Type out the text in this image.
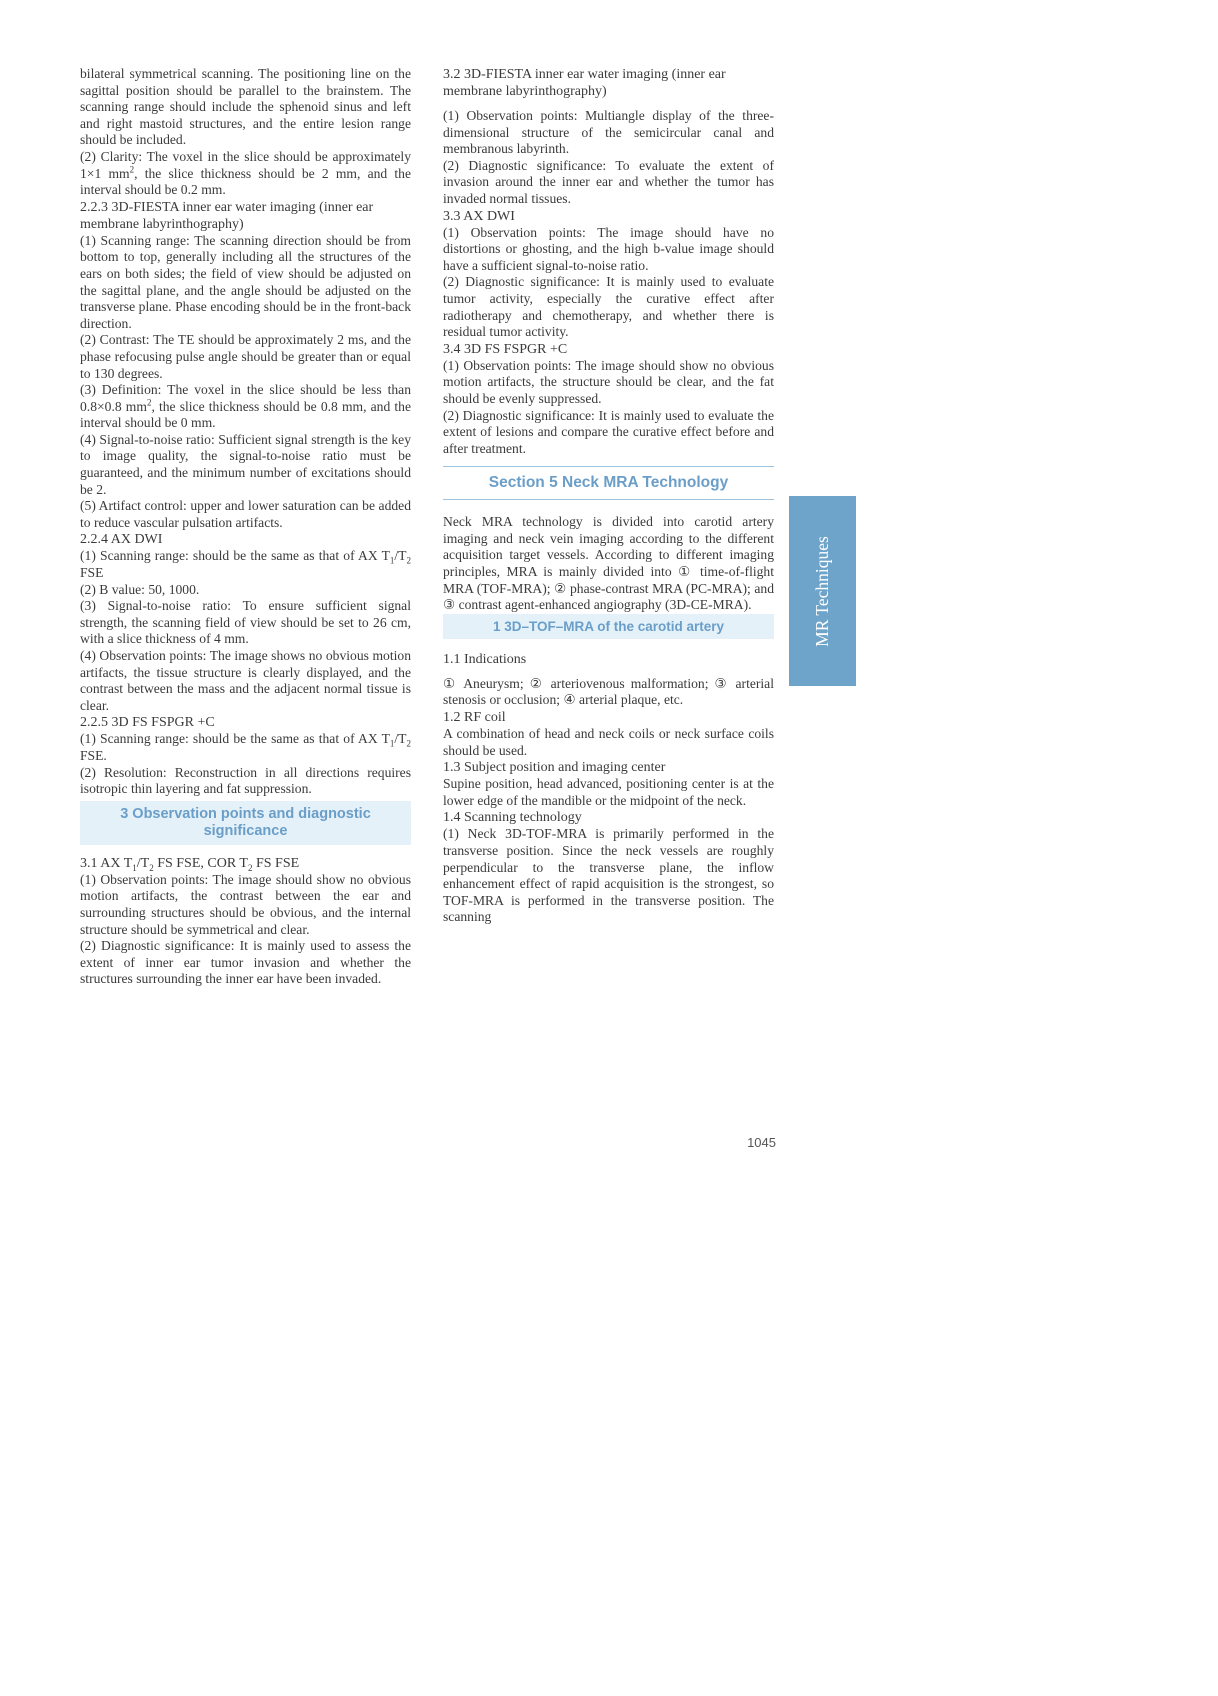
bilateral symmetrical scanning. The positioning line on the sagittal position should be parallel to the brainstem. The scanning range should include the sphenoid sinus and left and right mastoid structures, and the entire lesion range should be included.

(2) Clarity: The voxel in the slice should be approximately 1×1 $mm^2$, the slice thickness should be 2 mm, and the interval should be 0.2 mm.

2.2.3 3D-FIESTA inner ear water imaging (inner ear membrane labyrinthography)

(1) Scanning range: The scanning direction should be from bottom to top, generally including all the structures of the ears on both sides; the field of view should be adjusted on the sagittal plane, and the angle should be adjusted on the transverse plane. Phase encoding should be in the front-back direction.

(2) Contrast: The TE should be approximately 2 ms, and the phase refocusing pulse angle should be greater than or equal to 130 degrees.

(3) Definition: The voxel in the slice should be less than 0.8×0.8 $mm^2$, the slice thickness should be 0.8 mm, and the interval should be 0 mm.

(4) Signal-to-noise ratio: Sufficient signal strength is the key to image quality, the signal-to-noise ratio must be guaranteed, and the minimum number of excitations should be 2.

(5) Artifact control: upper and lower saturation can be added to reduce vascular pulsation artifacts.

2.2.4 AX DWI

(1) Scanning range: should be the same as that of AX $T_1/T_2$ FSE

(2) B value: 50, 1000.

(3) Signal-to-noise ratio: To ensure sufficient signal strength, the scanning field of view should be set to 26 cm, with a slice thickness of 4 mm.

(4) Observation points: The image shows no obvious motion artifacts, the tissue structure is clearly displayed, and the contrast between the mass and the adjacent normal tissue is clear.

2.2.5 3D FS FSPGR +C

(1) Scanning range: should be the same as that of AX $T_1/T_2$ FSE.

(2) Resolution: Reconstruction in all directions requires isotropic thin layering and fat suppression.

3 Observation points and diagnostic significance

3.1 AX $T_1/T_2$ FS FSE, COR $T_2$ FS FSE

(1) Observation points: The image should show no obvious motion artifacts, the contrast between the ear and surrounding structures should be obvious, and the internal structure should be symmetrical and clear.

(2) Diagnostic significance: It is mainly used to assess the extent of inner ear tumor invasion and whether the structures surrounding the inner ear have been invaded.

3.2 3D-FIESTA inner ear water imaging (inner ear membrane labyrinthography)

(1) Observation points: Multiangle display of the three-dimensional structure of the semicircular canal and membranous labyrinth.

(2) Diagnostic significance: To evaluate the extent of invasion around the inner ear and whether the tumor has invaded normal tissues.

3.3 AX DWI

(1) Observation points: The image should have no distortions or ghosting, and the high b-value image should have a sufficient signal-to-noise ratio.

(2) Diagnostic significance: It is mainly used to evaluate tumor activity, especially the curative effect after radiotherapy and chemotherapy, and whether there is residual tumor activity.

3.4 3D FS FSPGR +C

(1) Observation points: The image should show no obvious motion artifacts, the structure should be clear, and the fat should be evenly suppressed.

(2) Diagnostic significance: It is mainly used to evaluate the extent of lesions and compare the curative effect before and after treatment.

Section 5 Neck MRA Technology

Neck MRA technology is divided into carotid artery imaging and neck vein imaging according to the different acquisition target vessels. According to different imaging principles, MRA is mainly divided into ① time-of-flight MRA (TOF-MRA); ② phase-contrast MRA (PC-MRA); and ③ contrast agent-enhanced angiography (3D-CE-MRA).

1 3D–TOF–MRA of the carotid artery

1.1 Indications

① Aneurysm; ② arteriovenous malformation; ③ arterial stenosis or occlusion; ④ arterial plaque, etc.

1.2 RF coil

A combination of head and neck coils or neck surface coils should be used.

1.3 Subject position and imaging center

Supine position, head advanced, positioning center is at the lower edge of the mandible or the midpoint of the neck.

1.4 Scanning technology

(1) Neck 3D-TOF-MRA is primarily performed in the transverse position. Since the neck vessels are roughly perpendicular to the transverse plane, the inflow enhancement effect of rapid acquisition is the strongest, so TOF-MRA is performed in the transverse position. The scanning

MR Techniques
1045
